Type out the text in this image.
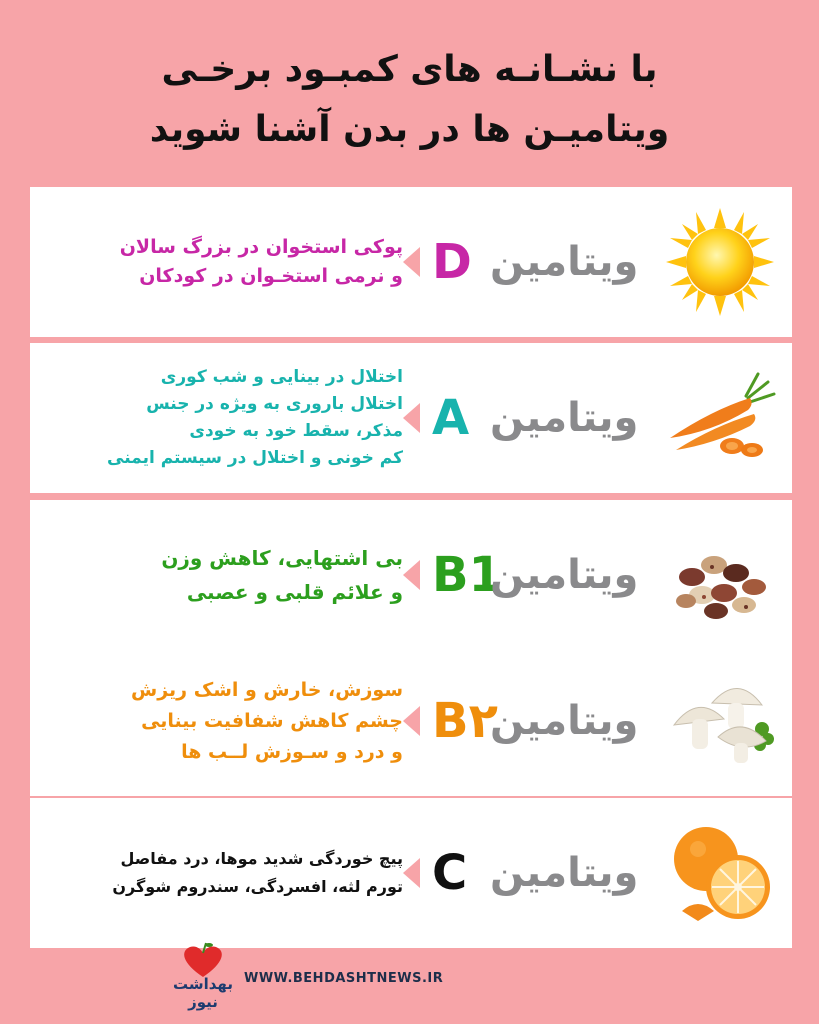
با نشـانـه های کمبـود برخـی
ویتامیـن ها در بدن آشنا شوید
پوکی استخوان در بزرگ سالان
و نرمی استخـوان در کودکان D ویتامین
اختلال در بینایی و شب کوری
اختلال باروری به ویژه در جنس
مذکر، سقط خود به خودی
کم خونی و اختلال در سیستم ایمنی
A ویتامین
بی اشتهایی، کاهش وزن
و علائم قلبی و عصبی B1
ویتامین
سوزش، خارش و اشک ریزش
چشم کاهش شفافیت بینایی
و درد و سـوزش لــب ها
B۲
ویتامین
پیچ خوردگی شدید موها، درد مفاصل
تورم لثه، افسردگی، سندروم شوگرن C ویتامین
بهداشت نیوز
WWW.BEHDASHTNEWS.IR
